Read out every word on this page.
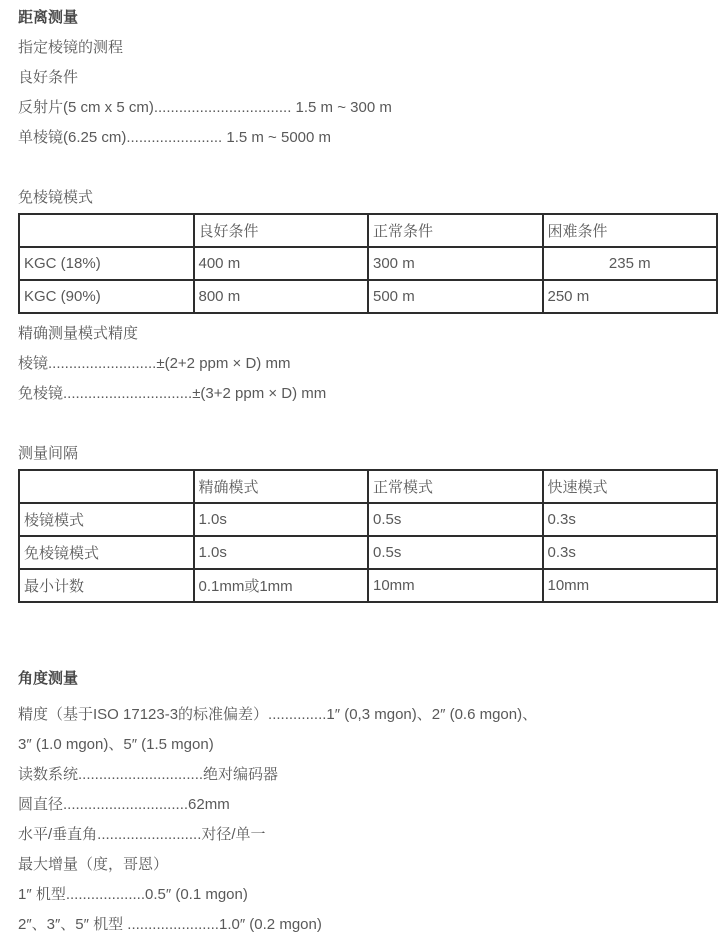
距离测量

指定棱镜的测程

良好条件

反射片(5 cm x 5 cm)................................. 1.5 m ~ 300 m

单棱镜(6.25 cm)....................... 1.5 m ~ 5000 m

免棱镜模式

	良好条件	正常条件	困难条件
KGC (18%)	400 m	300 m	235 m
KGC (90%)	800 m	500 m	250 m

精确测量模式精度

棱镜..........................±(2+2 ppm × D) mm

免棱镜...............................±(3+2 ppm × D) mm

测量间隔

	精确模式	正常模式	快速模式
棱镜模式	1.0s	0.5s	0.3s
免棱镜模式	1.0s	0.5s	0.3s
最小计数	0.1mm或1mm	10mm	10mm

角度测量

精度（基于ISO 17123-3的标准偏差）..............1″ (0,3 mgon)、2″ (0.6 mgon)、

3″ (1.0 mgon)、5″ (1.5 mgon)

读数系统..............................绝对编码器

圆直径..............................62mm

水平/垂直角.........................对径/单一

最大增量（度，哥恩）

1″ 机型...................0.5″ (0.1 mgon)

2″、3″、5″ 机型 ......................1.0″ (0.2 mgon)
